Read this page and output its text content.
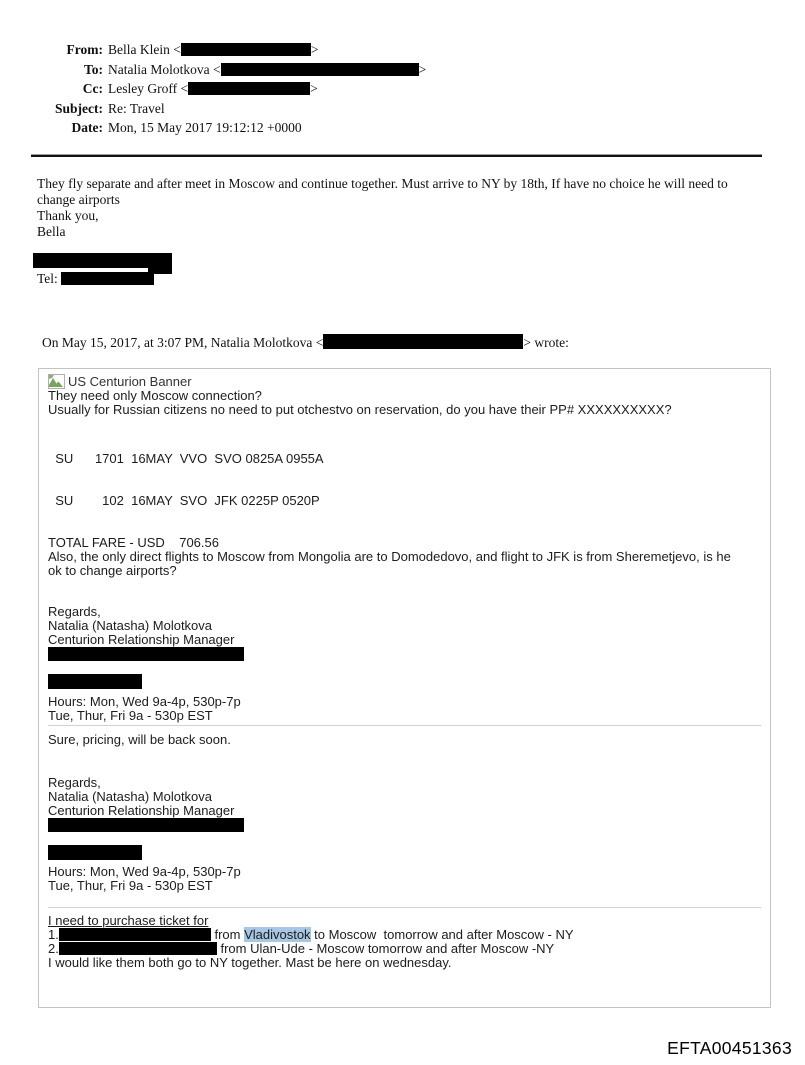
From: Bella Klein <	>
To: Natalia Molotkova <	>
Cc: Lesley Groff <	>
Subject: Re: Travel
Date: Mon, 15 May 2017 19:12:12 +0000

They fly separate and after meet in Moscow and continue together. Must arrive to NY by 18th, If have no choice he will need to change airports

Thank you,

Bella

Tel:
On May 15, 2017, at 3:07 PM, Natalia Molotkova <	> wrote:
US Centurion Banner

They need only Moscow connection?

Usually for Russian citizens no need to put otchestvo on reservation, do you have their PP# XXXXXXXXXX?

SU      1701  16MAY  VVO  SVO 0825A 0955A

SU        102  16MAY  SVO  JFK 0225P 0520P

TOTAL FARE - USD    706.56

Also, the only direct flights to Moscow from Mongolia are to Domodedovo, and flight to JFK is from Sheremetjevo, is he ok to change airports?

Regards,

Natalia (Natasha) Molotkova

Centurion Relationship Manager

Hours: Mon, Wed 9a-4p, 530p-7p

Tue, Thur, Fri 9a - 530p EST

Sure, pricing, will be back soon.

Regards,

Natalia (Natasha) Molotkova

Centurion Relationship Manager

Hours: Mon, Wed 9a-4p, 530p-7p

Tue, Thur, Fri 9a - 530p EST

I need to purchase ticket for

1.	from Vladivostok to Moscow  tomorrow and after Moscow - NY

2.	from Ulan-Ude - Moscow tomorrow and after Moscow -NY

I would like them both go to NY together. Mast be here on wednesday.

EFTA00451363
